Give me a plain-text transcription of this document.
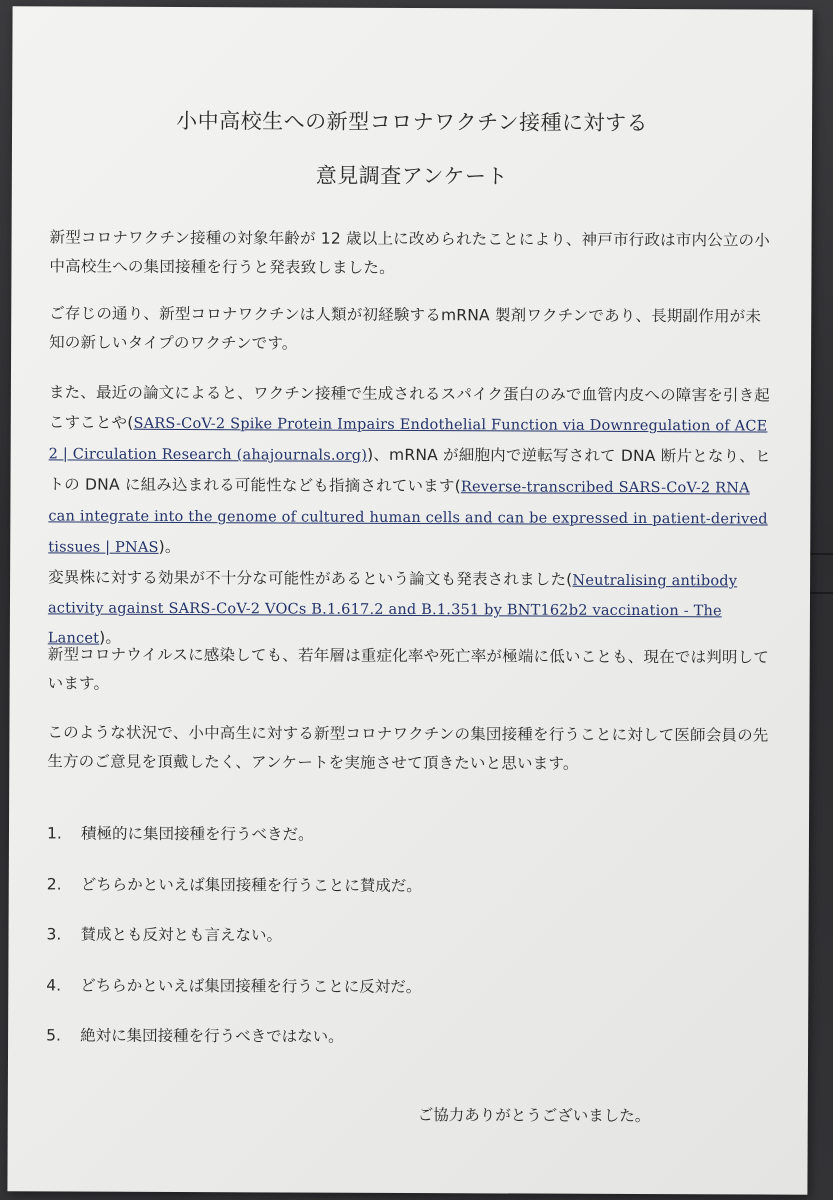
小中高校生への新型コロナワクチン接種に対する
意見調査アンケート

新型コロナワクチン接種の対象年齢が 12 歳以上に改められたことにより、神戸市行政は市内公立の小中高校生への集団接種を行うと発表致しました。

ご存じの通り、新型コロナワクチンは人類が初経験するmRNA 製剤ワクチンであり、長期副作用が未知の新しいタイプのワクチンです。

また、最近の論文によると、ワクチン接種で生成されるスパイク蛋白のみで血管内皮への障害を引き起こすことや(SARS-CoV-2 Spike Protein Impairs Endothelial Function via Downregulation of ACE 2 | Circulation Research (ahajournals.org))、mRNA が細胞内で逆転写されて DNA 断片となり、ヒトの DNA に組み込まれる可能性なども指摘されています(Reverse-transcribed SARS-CoV-2 RNA can integrate into the genome of cultured human cells and can be expressed in patient-derived tissues | PNAS)。

変異株に対する効果が不十分な可能性があるという論文も発表されました(Neutralising antibody activity against SARS-CoV-2 VOCs B.1.617.2 and B.1.351 by BNT162b2 vaccination - The Lancet)。

新型コロナウイルスに感染しても、若年層は重症化率や死亡率が極端に低いことも、現在では判明しています。

このような状況で、小中高生に対する新型コロナワクチンの集団接種を行うことに対して医師会員の先生方のご意見を頂戴したく、アンケートを実施させて頂きたいと思います。

1. 積極的に集団接種を行うべきだ。
2. どちらかといえば集団接種を行うことに賛成だ。
3. 賛成とも反対とも言えない。
4. どちらかといえば集団接種を行うことに反対だ。
5. 絶対に集団接種を行うべきではない。
ご協力ありがとうございました。
